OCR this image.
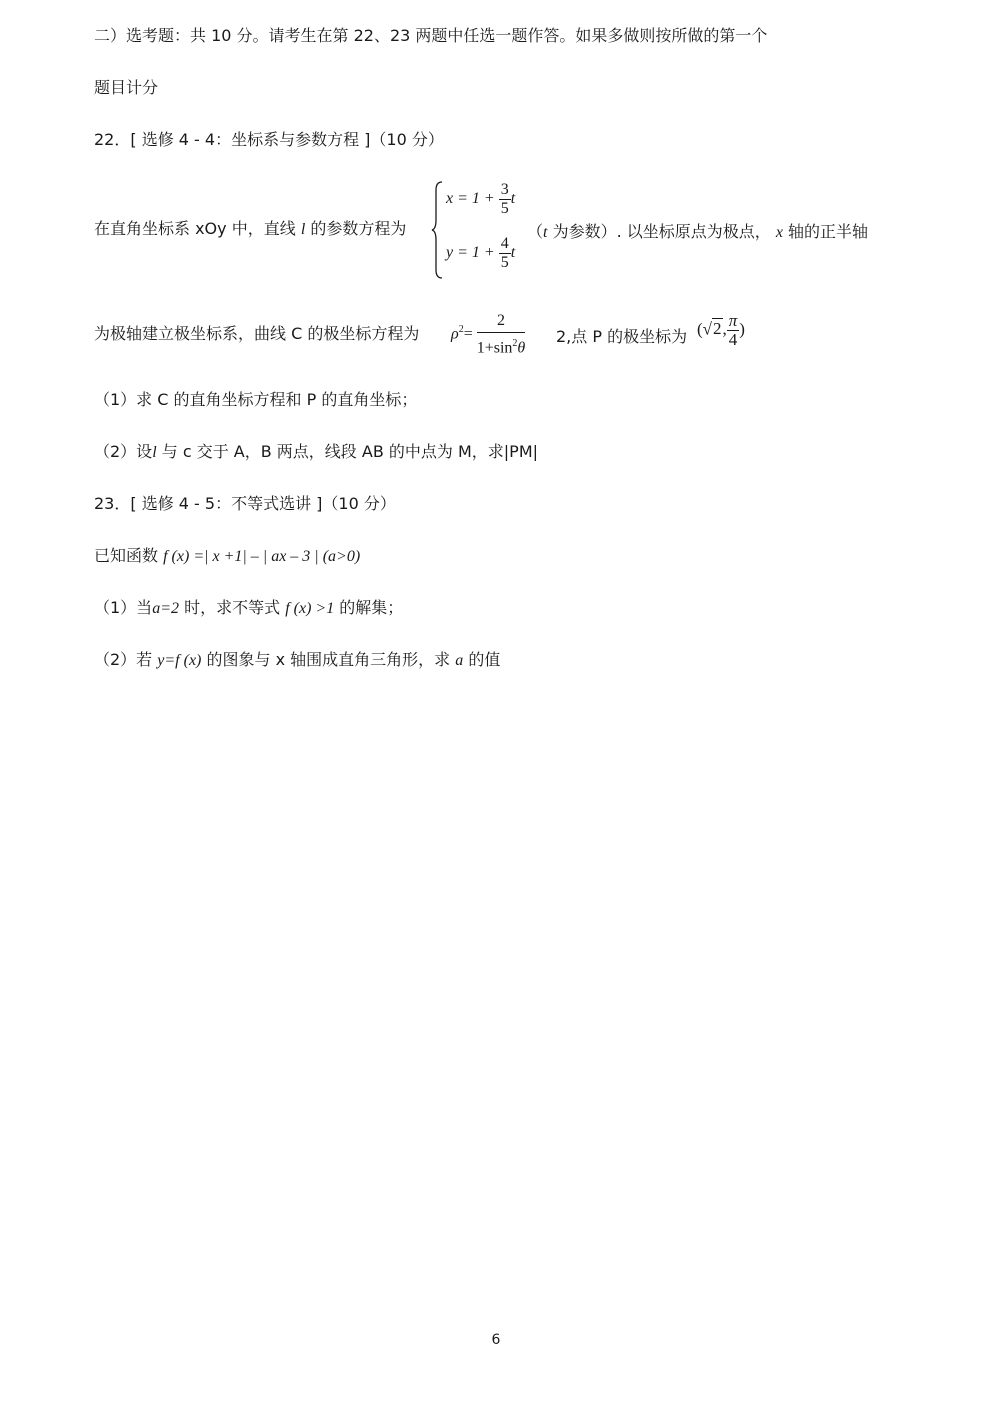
二）选考题：共 10 分。请考生在第 22、23 两题中任选一题作答。如果多做则按所做的第一个
题目计分
22．[ 选修 4 - 4：坐标系与参数方程 ]（10 分）
在直角坐标系 xOy 中，直线 l 的参数方程为
$x = 1 + \frac{3}{5}$ t
$y = 1 + \frac{4}{5}$ t
（t 为参数）. 以坐标原点为极点， x 轴的正半轴
为极轴建立极坐标系，曲线 C 的极坐标方程为 $\rho^2= \frac{2}{1+\sin^2\theta} 2$,点 P 的极坐标为 (√2, $\frac{\pi}{4}$ )
（1）求 C 的直角坐标方程和 P 的直角坐标；
（2）设l 与 c 交于 A，B 两点，线段 AB 的中点为 M，求|PM|
23．[ 选修 4 - 5：不等式选讲 ]（10 分）
已知函数 f (x) =| x +1| – | ax – 3 | (a>0)
（1）当a=2 时，求不等式 f (x) >1 的解集；
（2）若 y=f (x) 的图象与 x 轴围成直角三角形，求 a 的值
6
